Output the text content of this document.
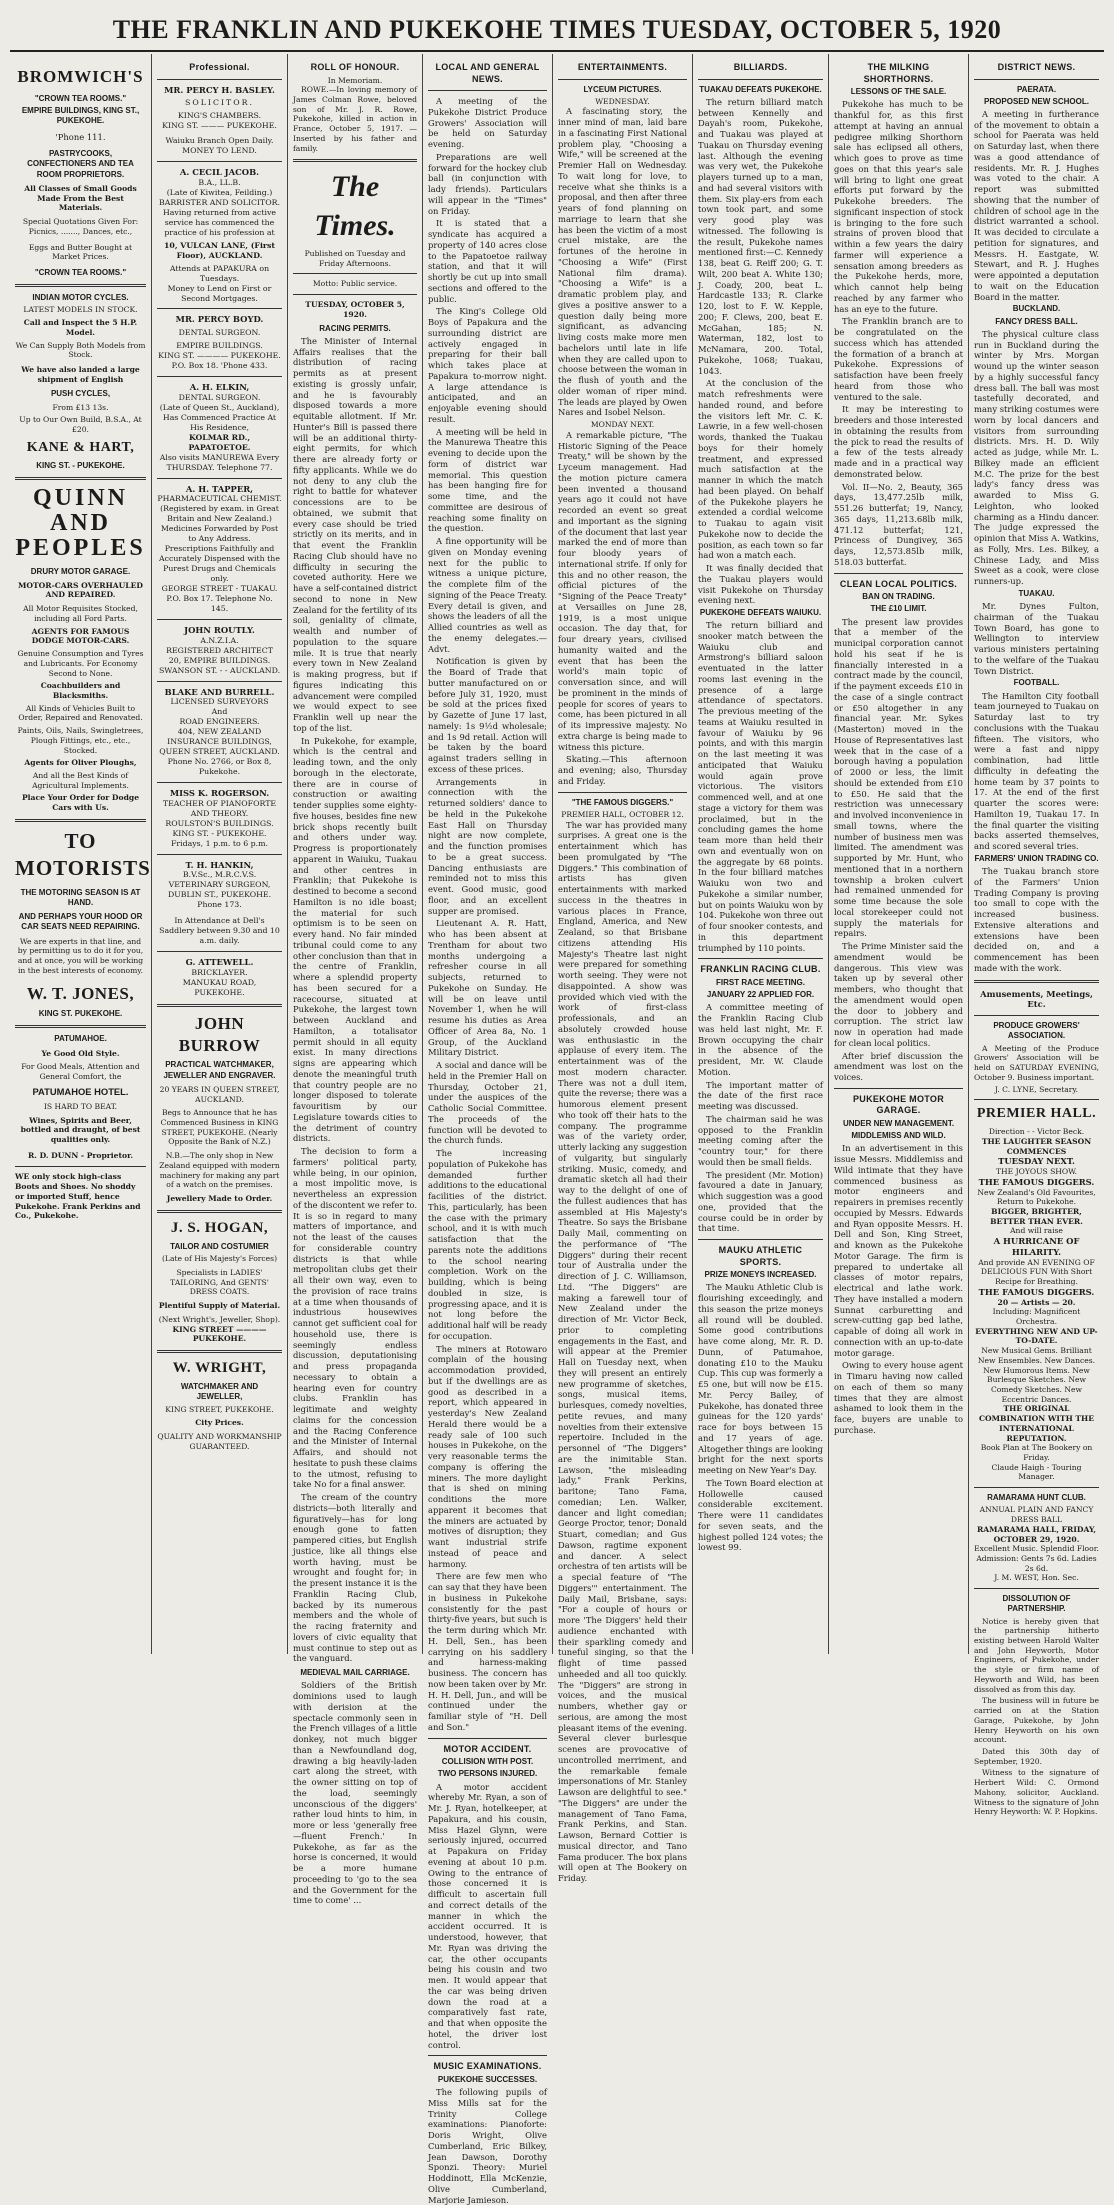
THE FRANKLIN AND PUKEKOHE TIMES TUESDAY, OCTOBER 5, 1920
BROMWICH'S
"CROWN TEA ROOMS."
EMPIRE BUILDINGS, KING ST., PUKEKOHE.
'Phone 111.
PASTRYCOOKS, CONFECTIONERS AND TEA ROOM PROPRIETORS.
All Classes of Small Goods Made From the Best Materials.
Special Quotations Given For: Picnics, ......., Dances, etc.,
Eggs and Butter Bought at Market Prices.
"CROWN TEA ROOMS."
INDIAN MOTOR CYCLES.
LATEST MODELS IN STOCK.
Call and Inspect the 5 H.P. Model.
We Can Supply Both Models from Stock.
We have also landed a large shipment of English
PUSH CYCLES,
From £13 13s.
Up to Our Own Build, B.S.A., At £20.
KANE & HART,
KING ST. - PUKEKOHE.
QUINN AND PEOPLES
DRURY MOTOR GARAGE.
MOTOR-CARS OVERHAULED AND REPAIRED.
All Motor Requisites Stocked, including all Ford Parts.
AGENTS FOR FAMOUS DODGE MOTOR-CARS.
Genuine Consumption and Tyres and Lubricants. For Economy Second to None.
Coachbuilders and Blacksmiths.
All Kinds of Vehicles Built to Order, Repaired and Renovated.
Paints, Oils, Nails, Swingletrees, Plough Fittings, etc., etc., Stocked.
Agents for Oliver Ploughs,
And all the Best Kinds of Agricultural Implements.
Place Your Order for Dodge Cars with Us.
TO MOTORISTS
THE MOTORING SEASON IS AT HAND.
AND PERHAPS YOUR HOOD OR CAR SEATS NEED REPAIRING.
We are experts in that line, and by permitting us to do it for you, and at once, you will be working in the best interests of economy.
W. T. JONES,
KING ST. PUKEKOHE.
PATUMAHOE.
Ye Good Old Style.
For Good Meals, Attention and General Comfort, the
PATUMAHOE HOTEL.
IS HARD TO BEAT.
Wines, Spirits and Beer, bottled and draught, of best qualities only.
R. D. DUNN - Proprietor.
WE only stock high-class Boots and Shoes. No shoddy or imported Stuff, hence Pukekohe. Frank Perkins and Co., Pukekohe.
Professional.
MR. PERCY H. BASLEY.
SOLICITOR.
KING'S CHAMBERS.
KING ST. ——— PUKEKOHE.
Waiuku Branch Open Daily.
MONEY TO LEND.
A. CECIL JACOB.
B.A., LL.B.
(Late of Kiwitea, Feilding.)
BARRISTER AND SOLICITOR.
Having returned from active service has commenced the practice of his profession at
10, VULCAN LANE, (First Floor), AUCKLAND.
Attends at PAPAKURA on Tuesdays.
Money to Lend on First or Second Mortgages.
MR. PERCY BOYD.
DENTAL SURGEON.
EMPIRE BUILDINGS.
KING ST. ———— PUKEKOHE.
P.O. Box 18. 'Phone 433.
A. H. ELKIN,
DENTAL SURGEON.
(Late of Queen St., Auckland), Has Commenced Practice At His Residence,
KOLMAR RD., PAPATOETOE.
Also visits MANUREWA Every THURSDAY. Telephone 77.
A. H. TAPPER,
PHARMACEUTICAL CHEMIST.
(Registered by exam. in Great Britain and New Zealand.)
Medicines Forwarded by Post to Any Address.
Prescriptions Faithfully and Accurately Dispensed with the Purest Drugs and Chemicals only.
GEORGE STREET - TUAKAU.
P.O. Box 17. Telephone No. 145.
JOHN ROUTLY.
A.N.Z.I.A.
REGISTERED ARCHITECT
20, EMPIRE BUILDINGS.
SWANSON ST. - - AUCKLAND.
BLAKE AND BURRELL.
LICENSED SURVEYORS
And
ROAD ENGINEERS.
404, NEW ZEALAND INSURANCE BUILDINGS,
QUEEN STREET, AUCKLAND.
Phone No. 2766, or Box 8, Pukekohe.
MISS K. ROGERSON.
TEACHER OF PIANOFORTE AND THEORY.
ROULSTON'S BUILDINGS.
KING ST. - PUKEKOHE.
Fridays, 1 p.m. to 6 p.m.
T. H. HANKIN,
B.V.Sc., M.R.C.V.S.
VETERINARY SURGEON,
DUBLIN ST., PUKEKOHE.
Phone 173.
In Attendance at Dell's Saddlery between 9.30 and 10 a.m. daily.
G. ATTEWELL.
BRICKLAYER.
MANUKAU ROAD,
PUKEKOHE.
JOHN BURROW
PRACTICAL WATCHMAKER, JEWELLER AND ENGRAVER.
20 YEARS IN QUEEN STREET, AUCKLAND.
Begs to Announce that he has Commenced Business in KING STREET, PUKEKOHE. (Nearly Opposite the Bank of N.Z.)
N.B.—The only shop in New Zealand equipped with modern machinery for making any part of a watch on the premises.
Jewellery Made to Order.
J. S. HOGAN,
TAILOR AND COSTUMIER
(Late of His Majesty's Forces)
Specialists in LADIES' TAILORING, And GENTS' DRESS COATS.
Plentiful Supply of Material.
(Next Wright's, Jeweller, Shop).
KING STREET ———— PUKEKOHE.
W. WRIGHT,
WATCHMAKER AND JEWELLER,
KING STREET, PUKEKOHE.
City Prices.
QUALITY AND WORKMANSHIP GUARANTEED.
ROLL OF HONOUR.
In Memoriam.

ROWE.—In loving memory of James Colman Rowe, beloved son of Mr. J. R. Rowe, Pukekohe, killed in action in France, October 5, 1917. —Inserted by his father and family.

The Times.
Published on Tuesday and Friday Afternoons.
Motto: Public service.
TUESDAY, OCTOBER 5, 1920.
RACING PERMITS.

The Minister of Internal Affairs realises that the distribution of racing permits as at present existing is grossly unfair, and he is favourably disposed towards a more equitable allotment. If Mr. Hunter's Bill is passed there will be an additional thirty-eight permits, for which there are already forty or fifty applicants. While we do not deny to any club the right to battle for whatever concessions are to be obtained, we submit that every case should be tried strictly on its merits, and in that event the Franklin Racing Club should have no difficulty in securing the coveted authority. Here we have a self-contained district second to none in New Zealand for the fertility of its soil, geniality of climate, wealth and number of population to the square mile. It is true that nearly every town in New Zealand is making progress, but if figures indicating this advancement were compiled we would expect to see Franklin well up near the top of the list.

In Pukekohe, for example, which is the central and leading town, and the only borough in the electorate, there are in course of construction or awaiting tender supplies some eighty-five houses, besides fine new brick shops recently built and others under way. Progress is proportionately apparent in Waiuku, Tuakau and other centres in Franklin; that Pukekohe is destined to become a second Hamilton is no idle boast; the material for such optimism is to be seen on every hand. No fair minded tribunal could come to any other conclusion than that in the centre of Franklin, where a splendid property has been secured for a racecourse, situated at Pukekohe, the largest town between Auckland and Hamilton, a totalisator permit should in all equity exist. In many directions signs are appearing which denote the meaningful truth that country people are no longer disposed to tolerate favouritism by our Legislature towards cities to the detriment of country districts.

The decision to form a farmers' political party, while being, in our opinion, a most impolitic move, is nevertheless an expression of the discontent we refer to. It is so in regard to many matters of importance, and not the least of the causes for considerable country districts is that while metropolitan clubs get their all their own way, even to the provision of race trains at a time when thousands of industrious housewives cannot get sufficient coal for household use, there is seemingly endless discussion, deputationising and press propaganda necessary to obtain a hearing even for country clubs. Franklin has legitimate and weighty claims for the concession and the Racing Conference and the Minister of Internal Affairs, and should not hesitate to push these claims to the utmost, refusing to take No for a final answer.

The cream of the country districts—both literally and figuratively—has for long enough gone to fatten pampered cities, but English justice, like all things else worth having, must be wrought and fought for; in the present instance it is the Franklin Racing Club, backed by its numerous members and the whole of the racing fraternity and lovers of civic equality that must continue to step out as the vanguard.

MEDIEVAL MAIL CARRIAGE.

Soldiers of the British dominions used to laugh with derision at the spectacle commonly seen in the French villages of a little donkey, not much bigger than a Newfoundland dog, drawing a big heavily-laden cart along the street, with the owner sitting on top of the load, seemingly unconscious of the diggers' rather loud hints to him, in more or less 'generally free—fluent French.' In Pukekohe, as far as the horse is concerned, it would be a more humane proceeding to 'go to the sea and the Government for the time to come' ...

LOCAL AND GENERAL NEWS.

A meeting of the Pukekohe District Produce Growers' Association will be held on Saturday evening.

Preparations are well forward for the hockey club ball (in conjunction with lady friends). Particulars will appear in the "Times" on Friday.

It is stated that a syndicate has acquired a property of 140 acres close to the Papatoetoe railway station, and that it will shortly be cut up into small sections and offered to the public.

The King's College Old Boys of Papakura and the surrounding district are actively engaged in preparing for their ball which takes place at Papakura to-morrow night. A large attendance is anticipated, and an enjoyable evening should result.

A meeting will be held in the Manurewa Theatre this evening to decide upon the form of district war memorial. This question has been hanging fire for some time, and the committee are desirous of reaching some finality on the question.

A fine opportunity will be given on Monday evening next for the public to witness a unique picture, the complete film of the signing of the Peace Treaty. Every detail is given, and shows the leaders of all the Allied countries as well as the enemy delegates.—Advt.

Notification is given by the Board of Trade that butter manufactured on or before July 31, 1920, must be sold at the prices fixed by Gazette of June 17 last, namely: 1s 9½d wholesale; and 1s 9d retail. Action will be taken by the board against traders selling in excess of these prices.

Arrangements in connection with the returned soldiers' dance to be held in the Pukekohe East Hall on Thursday night are now complete, and the function promises to be a great success. Dancing enthusiasts are reminded not to miss this event. Good music, good floor, and an excellent supper are promised.

Lieutenant A. R. Hatt, who has been absent at Trentham for about two months undergoing a refresher course in all subjects, returned to Pukekohe on Sunday. He will be on leave until November 1, when he will resume his duties as Area Officer of Area 8a, No. 1 Group, of the Auckland Military District.

A social and dance will be held in the Premier Hall on Thursday, October 21, under the auspices of the Catholic Social Committee. The proceeds of the function will be devoted to the church funds.

The increasing population of Pukekohe has demanded further additions to the educational facilities of the district. This, particularly, has been the case with the primary school, and it is with much satisfaction that the parents note the additions to the school nearing completion. Work on the building, which is being doubled in size, is progressing apace, and it is not long before the additional half will be ready for occupation.

The miners at Rotowaro complain of the housing accommodation provided, but if the dwellings are as good as described in a report, which appeared in yesterday's New Zealand Herald there would be a ready sale of 100 such houses in Pukekohe, on the very reasonable terms the company is offering the miners. The more daylight that is shed on mining conditions the more apparent it becomes that the miners are actuated by motives of disruption; they want industrial strife instead of peace and harmony.

There are few men who can say that they have been in business in Pukekohe consistently for the past thirty-five years, but such is the term during which Mr. H. Dell, Sen., has been carrying on his saddlery and harness-making business. The concern has now been taken over by Mr. H. H. Dell, Jun., and will be continued under the familiar style of "H. Dell and Son."

MOTOR ACCIDENT.
COLLISION WITH POST.
TWO PERSONS INJURED.

A motor accident whereby Mr. Ryan, a son of Mr. J. Ryan, hotelkeeper, at Papakura, and his cousin, Miss Hazel Glynn, were seriously injured, occurred at Papakura on Friday evening at about 10 p.m. Owing to the entrance of those concerned it is difficult to ascertain full and correct details of the manner in which the accident occurred. It is understood, however, that Mr. Ryan was driving the car, the other occupants being his cousin and two men. It would appear that the car was being driven down the road at a comparatively fast rate, and that when opposite the hotel, the driver lost control.

MUSIC EXAMINATIONS.
PUKEKOHE SUCCESSES.

The following pupils of Miss Mills sat for the Trinity College examinations: Pianoforte: Doris Wright, Olive Cumberland, Eric Bilkey, Jean Dawson, Dorothy Sponzi. Theory: Muriel Hoddinott, Ella McKenzie, Olive Cumberland, Marjorie Jamieson.

ENTERTAINMENTS.
LYCEUM PICTURES.
WEDNESDAY.

A fascinating story, the inner mind of man, laid bare in a fascinating First National problem play, "Choosing a Wife," will be screened at the Premier Hall on Wednesday. To wait long for love, to receive what she thinks is a proposal, and then after three years of fond planning on marriage to learn that she has been the victim of a most cruel mistake, are the fortunes of the heroine in "Choosing a Wife" (First National film drama). "Choosing a Wife" is a dramatic problem play, and gives a positive answer to a question daily being more significant, as advancing living costs make more men bachelors until late in life when they are called upon to choose between the woman in the flush of youth and the older woman of riper mind. The leads are played by Owen Nares and Isobel Nelson.

MONDAY NEXT.

A remarkable picture, "The Historic Signing of the Peace Treaty," will be shown by the Lyceum management. Had the motion picture camera been invented a thousand years ago it could not have recorded an event so great and important as the signing of the document that last year marked the end of more than four bloody years of international strife. If only for this and no other reason, the official pictures of the "Signing of the Peace Treaty" at Versailles on June 28, 1919, is a most unique occasion. The day that, for four dreary years, civilised humanity waited and the event that has been the world's main topic of conversation since, and will be prominent in the minds of people for scores of years to come, has been pictured in all of its impressive majesty. No extra charge is being made to witness this picture.

Skating.—This afternoon and evening; also, Thursday and Friday.

"THE FAMOUS DIGGERS."
PREMIER HALL, OCTOBER 12.

The war has provided many surprises. A great one is the entertainment which has been promulgated by "The Diggers." This combination of artists has given entertainments with marked success in the theatres in various places in France, England, America, and New Zealand, so that Brisbane citizens attending His Majesty's Theatre last night were prepared for something worth seeing. They were not disappointed. A show was provided which vied with the work of first-class professionals, and an absolutely crowded house was enthusiastic in the applause of every item. The entertainment was of the most modern character. There was not a dull item, quite the reverse; there was a humorous element present who took off their hats to the company. The programme was of the variety order, utterly lacking any suggestion of vulgarity, but singularly striking. Music, comedy, and dramatic sketch all had their way to the delight of one of the fullest audiences that has assembled at His Majesty's Theatre. So says the Brisbane Daily Mail, commenting on the performance of "The Diggers" during their recent tour of Australia under the direction of J. C. Williamson, Ltd. "The Diggers" are making a farewell tour of New Zealand under the direction of Mr. Victor Beck, prior to completing engagements in the East, and will appear at the Premier Hall on Tuesday next, when they will present an entirely new programme of sketches, songs, musical items, burlesques, comedy novelties, petite revues, and many novelties from their extensive repertoire. Included in the personnel of "The Diggers" are the inimitable Stan. Lawson, "the misleading lady," Frank Perkins, baritone; Tano Fama, comedian; Len. Walker, dancer and light comedian; George Proctor, tenor; Donald Stuart, comedian; and Gus Dawson, ragtime exponent and dancer. A select orchestra of ten artists will be a special feature of "The Diggers'" entertainment. The Daily Mail, Brisbane, says: "For a couple of hours or more 'The Diggers' held their audience enchanted with their sparkling comedy and tuneful singing, so that the flight of time passed unheeded and all too quickly. The "Diggers" are strong in voices, and the musical numbers, whether gay or serious, are among the most pleasant items of the evening. Several clever burlesque scenes are provocative of uncontrolled merriment, and the remarkable female impersonations of Mr. Stanley Lawson are delightful to see." "The Diggers" are under the management of Tano Fama, Frank Perkins, and Stan. Lawson, Bernard Cottier is musical director, and Tano Fama producer. The box plans will open at The Bookery on Friday.

BILLIARDS.
TUAKAU DEFEATS PUKEKOHE.

The return billiard match between Kennelly and Dayah's room, Pukekohe, and Tuakau was played at Tuakau on Thursday evening last. Although the evening was very wet, the Pukekohe players turned up to a man, and had several visitors with them. Six play-ers from each town took part, and some very good play was witnessed. The following is the result, Pukekohe names mentioned first:—C. Kennedy 138, beat G. Reiff 200; G. T. Wilt, 200 beat A. White 130; J. Coady, 200, beat L. Hardcastle 133; R. Clarke 120, lost to F. W. Kepple, 200; F. Clews, 200, beat E. McGahan, 185; N. Waterman, 182, lost to McNamara, 200. Total, Pukekohe, 1068; Tuakau, 1043.

At the conclusion of the match refreshments were handed round, and before the visitors left Mr. C. K. Lawrie, in a few well-chosen words, thanked the Tuakau boys for their homely treatment, and expressed much satisfaction at the manner in which the match had been played. On behalf of the Pukekohe players he extended a cordial welcome to Tuakau to again visit Pukekohe now to decide the position, as each town so far had won a match each.

It was finally decided that the Tuakau players would visit Pukekohe on Thursday evening next.

PUKEKOHE DEFEATS WAIUKU.

The return billiard and snooker match between the Waiuku club and Armstrong's billiard saloon eventuated in the latter rooms last evening in the presence of a large attendance of spectators. The previous meeting of the teams at Waiuku resulted in favour of Waiuku by 96 points, and with this margin on the last meeting it was anticipated that Waiuku would again prove victorious. The visitors commenced well, and at one stage a victory for them was proclaimed, but in the concluding games the home team more than held their own and eventually won on the aggregate by 68 points. In the four billiard matches Waiuku won two and Pukekohe a similar number, but on points Waiuku won by 104. Pukekohe won three out of four snooker contests, and in this department triumphed by 110 points.

FRANKLIN RACING CLUB.
FIRST RACE MEETING.
JANUARY 22 APPLIED FOR.

A committee meeting of the Franklin Racing Club was held last night, Mr. F. Brown occupying the chair in the absence of the president, Mr. W. Claude Motion.

The important matter of the date of the first race meeting was discussed.

The chairman said he was opposed to the Franklin meeting coming after the "country tour," for there would then be small fields.

The president (Mr. Motion) favoured a date in January, which suggestion was a good one, provided that the course could be in order by that time.

MAUKU ATHLETIC SPORTS.
PRIZE MONEYS INCREASED.

The Mauku Athletic Club is flourishing exceedingly, and this season the prize moneys all round will be doubled. Some good contributions have come along, Mr. R. D. Dunn, of Patumahoe, donating £10 to the Mauku Cup. This cup was formerly a £5 one, but will now be £15. Mr. Percy Bailey, of Pukekohe, has donated three guineas for the 120 yards' race for boys between 15 and 17 years of age. Altogether things are looking bright for the next sports meeting on New Year's Day.

The Town Board election at Hollowelle caused considerable excitement. There were 11 candidates for seven seats, and the highest polled 124 votes; the lowest 99.

THE MILKING SHORTHORNS.
LESSONS OF THE SALE.

Pukekohe has much to be thankful for, as this first attempt at having an annual pedigree milking Shorthorn sale has eclipsed all others, which goes to prove as time goes on that this year's sale will bring to light one great efforts put forward by the Pukekohe breeders. The significant inspection of stock is bringing to the fore such strains of proven blood that within a few years the dairy farmer will experience a sensation among breeders as the Pukekohe herds, more, which cannot help being reached by any farmer who has an eye to the future.

The Franklin branch are to be congratulated on the success which has attended the formation of a branch at Pukekohe. Expressions of satisfaction have been freely heard from those who ventured to the sale.

It may be interesting to breeders and those interested in obtaining the results from the pick to read the results of a few of the tests already made and in a practical way demonstrated below.

Vol. II—No. 2, Beauty, 365 days, 13,477.25lb milk, 551.26 butterfat; 19, Nancy, 365 days, 11,213.68lb milk, 471.12 butterfat; 121, Princess of Dungivey, 365 days, 12,573.85lb milk, 518.03 butterfat.

CLEAN LOCAL POLITICS.
BAN ON TRADING.
THE £10 LIMIT.

The present law provides that a member of the municipal corporation cannot hold his seat if he is financially interested in a contract made by the council, if the payment exceeds £10 in the case of a single contract or £50 altogether in any financial year. Mr. Sykes (Masterton) moved in the House of Representatives last week that in the case of a borough having a population of 2000 or less, the limit should be extended from £10 to £50. He said that the restriction was unnecessary and involved inconvenience in small towns, where the number of business men was limited. The amendment was supported by Mr. Hunt, who mentioned that in a northern township a broken culvert had remained unmended for some time because the sole local storekeeper could not supply the materials for repairs.

The Prime Minister said the amendment would be dangerous. This view was taken up by several other members, who thought that the amendment would open the door to jobbery and corruption. The strict law now in operation had made for clean local politics.

After brief discussion the amendment was lost on the voices.

PUKEKOHE MOTOR GARAGE.
UNDER NEW MANAGEMENT.
MIDDLEMISS AND WILD.

In an advertisement in this issue Messrs. Middlemiss and Wild intimate that they have commenced business as motor engineers and repairers in premises recently occupied by Messrs. Edwards and Ryan opposite Messrs. H. Dell and Son, King Street, and known as the Pukekohe Motor Garage. The firm is prepared to undertake all classes of motor repairs, electrical and lathe work. They have installed a modern Sunnat carburetting and screw-cutting gap bed lathe, capable of doing all work in connection with an up-to-date motor garage.

Owing to every house agent in Timaru having now called on each of them so many times that they are almost ashamed to look them in the face, buyers are unable to purchase.

DISTRICT NEWS.
PAERATA.
PROPOSED NEW SCHOOL.

A meeting in furtherance of the movement to obtain a school for Paerata was held on Saturday last, when there was a good attendance of residents. Mr. R. J. Hughes was voted to the chair. A report was submitted showing that the number of children of school age in the district warranted a school. It was decided to circulate a petition for signatures, and Messrs. H. Eastgate, W. Stewart, and R. J. Hughes were appointed a deputation to wait on the Education Board in the matter.

BUCKLAND.
FANCY DRESS BALL.

The physical culture class run in Buckland during the winter by Mrs. Morgan wound up the winter season by a highly successful fancy dress ball. The ball was most tastefully decorated, and many striking costumes were worn by local dancers and visitors from surrounding districts. Mrs. H. D. Wily acted as judge, while Mr. L. Bilkey made an efficient M.C. The prize for the best lady's fancy dress was awarded to Miss G. Leighton, who looked charming as a Hindu dancer. The judge expressed the opinion that Miss A. Watkins, as Folly, Mrs. Les. Bilkey, a Chinese Lady, and Miss Sweet as a cook, were close runners-up.

TUAKAU.

Mr. Dynes Fulton, chairman of the Tuakau Town Board, has gone to Wellington to interview various ministers pertaining to the welfare of the Tuakau Town District.

FOOTBALL.

The Hamilton City football team journeyed to Tuakau on Saturday last to try conclusions with the Tuakau fifteen. The visitors, who were a fast and nippy combination, had little difficulty in defeating the home team by 37 points to 17. At the end of the first quarter the scores were: Hamilton 19, Tuakau 17. In the final quarter the visiting backs asserted themselves, and scored several tries.

FARMERS' UNION TRADING CO.

The Tuakau branch store of the Farmers' Union Trading Company is proving too small to cope with the increased business. Extensive alterations and extensions have been decided on, and a commencement has been made with the work.

Amusements, Meetings, Etc.
PRODUCE GROWERS' ASSOCIATION.

A Meeting of the Produce Growers' Association will be held on SATURDAY EVENING, October 9. Business important.

J. C. LYNE, Secretary.
PREMIER HALL.
Direction - - Victor Beck.
THE LAUGHTER SEASON COMMENCES
TUESDAY NEXT.
THE JOYOUS SHOW.
THE FAMOUS DIGGERS.
New Zealand's Old Favourites, Return to Pukekohe.
BIGGER, BRIGHTER, BETTER THAN EVER.
And will raise
A HURRICANE OF HILARITY.
And provide AN EVENING OF DELICIOUS FUN With Short Recipe for Breathing.
THE FAMOUS DIGGERS.
20 — Artists — 20.
Including: Magnificent Orchestra.
EVERYTHING NEW AND UP-TO-DATE.
New Musical Gems. Brilliant New Ensembles. New Dances. New Humorous Items. New Burlesque Sketches. New Comedy Sketches. New Eccentric Dances.
THE ORIGINAL COMBINATION WITH THE INTERNATIONAL REPUTATION.
Book Plan at The Bookery on Friday.
Claude Haigh - Touring Manager.
RAMARAMA HUNT CLUB.
ANNUAL PLAIN AND FANCY DRESS BALL
RAMARAMA HALL, FRIDAY, OCTOBER 29, 1920.
Excellent Music. Splendid Floor.
Admission: Gents 7s 6d. Ladies 2s 6d.
J. M. WEST, Hon. Sec.
DISSOLUTION OF PARTNERSHIP.

Notice is hereby given that the partnership hitherto existing between Harold Walter and John Heyworth, Motor Engineers, of Pukekohe, under the style or firm name of Heyworth and Wild, has been dissolved as from this day.

The business will in future be carried on at the Station Garage, Pukekohe, by John Henry Heyworth on his own account.

Dated this 30th day of September, 1920.

Witness to the signature of Herbert Wild: C. Ormond Mahony, solicitor, Auckland. Witness to the signature of John Henry Heyworth: W. P. Hopkins.
